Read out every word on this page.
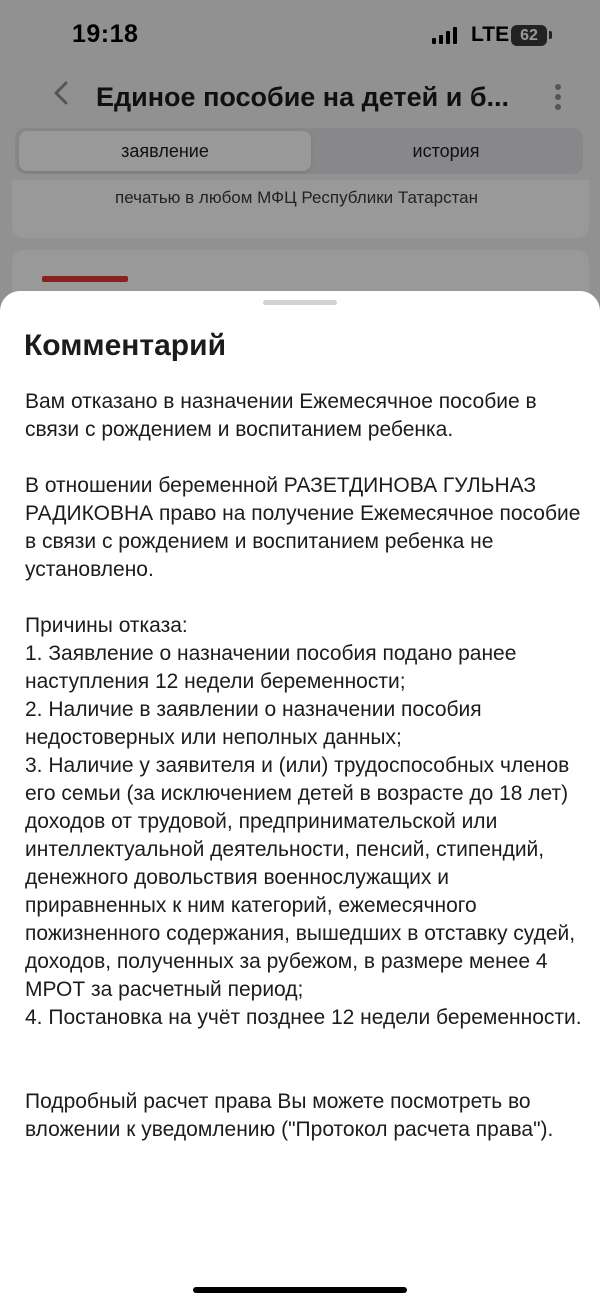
19:18	LTE 62
Единое пособие на детей и б...
заявление	история
печатью в любом МФЦ Республики Татарстан
Комментарий
Вам отказано в назначении Ежемесячное пособие в связи с рождением и воспитанием ребенка.

В отношении беременной РАЗЕТДИНОВА ГУЛЬНАЗ РАДИКОВНА право на получение Ежемесячное пособие в связи с рождением и воспитанием ребенка не установлено.

Причины отказа:
1. Заявление о назначении пособия подано ранее наступления 12 недели беременности;
2. Наличие в заявлении о назначении пособия недостоверных или неполных данных;
3. Наличие у заявителя и (или) трудоспособных членов его семьи (за исключением детей в возрасте до 18 лет) доходов от трудовой, предпринимательской или интеллектуальной деятельности, пенсий, стипендий, денежного довольствия военнослужащих и приравненных к ним категорий, ежемесячного пожизненного содержания, вышедших в отставку судей, доходов, полученных за рубежом, в размере менее 4 МРОТ за расчетный период;
4. Постановка на учёт позднее 12 недели беременности.

Подробный расчет права Вы можете посмотреть во вложении к уведомлению ("Протокол расчета права").
